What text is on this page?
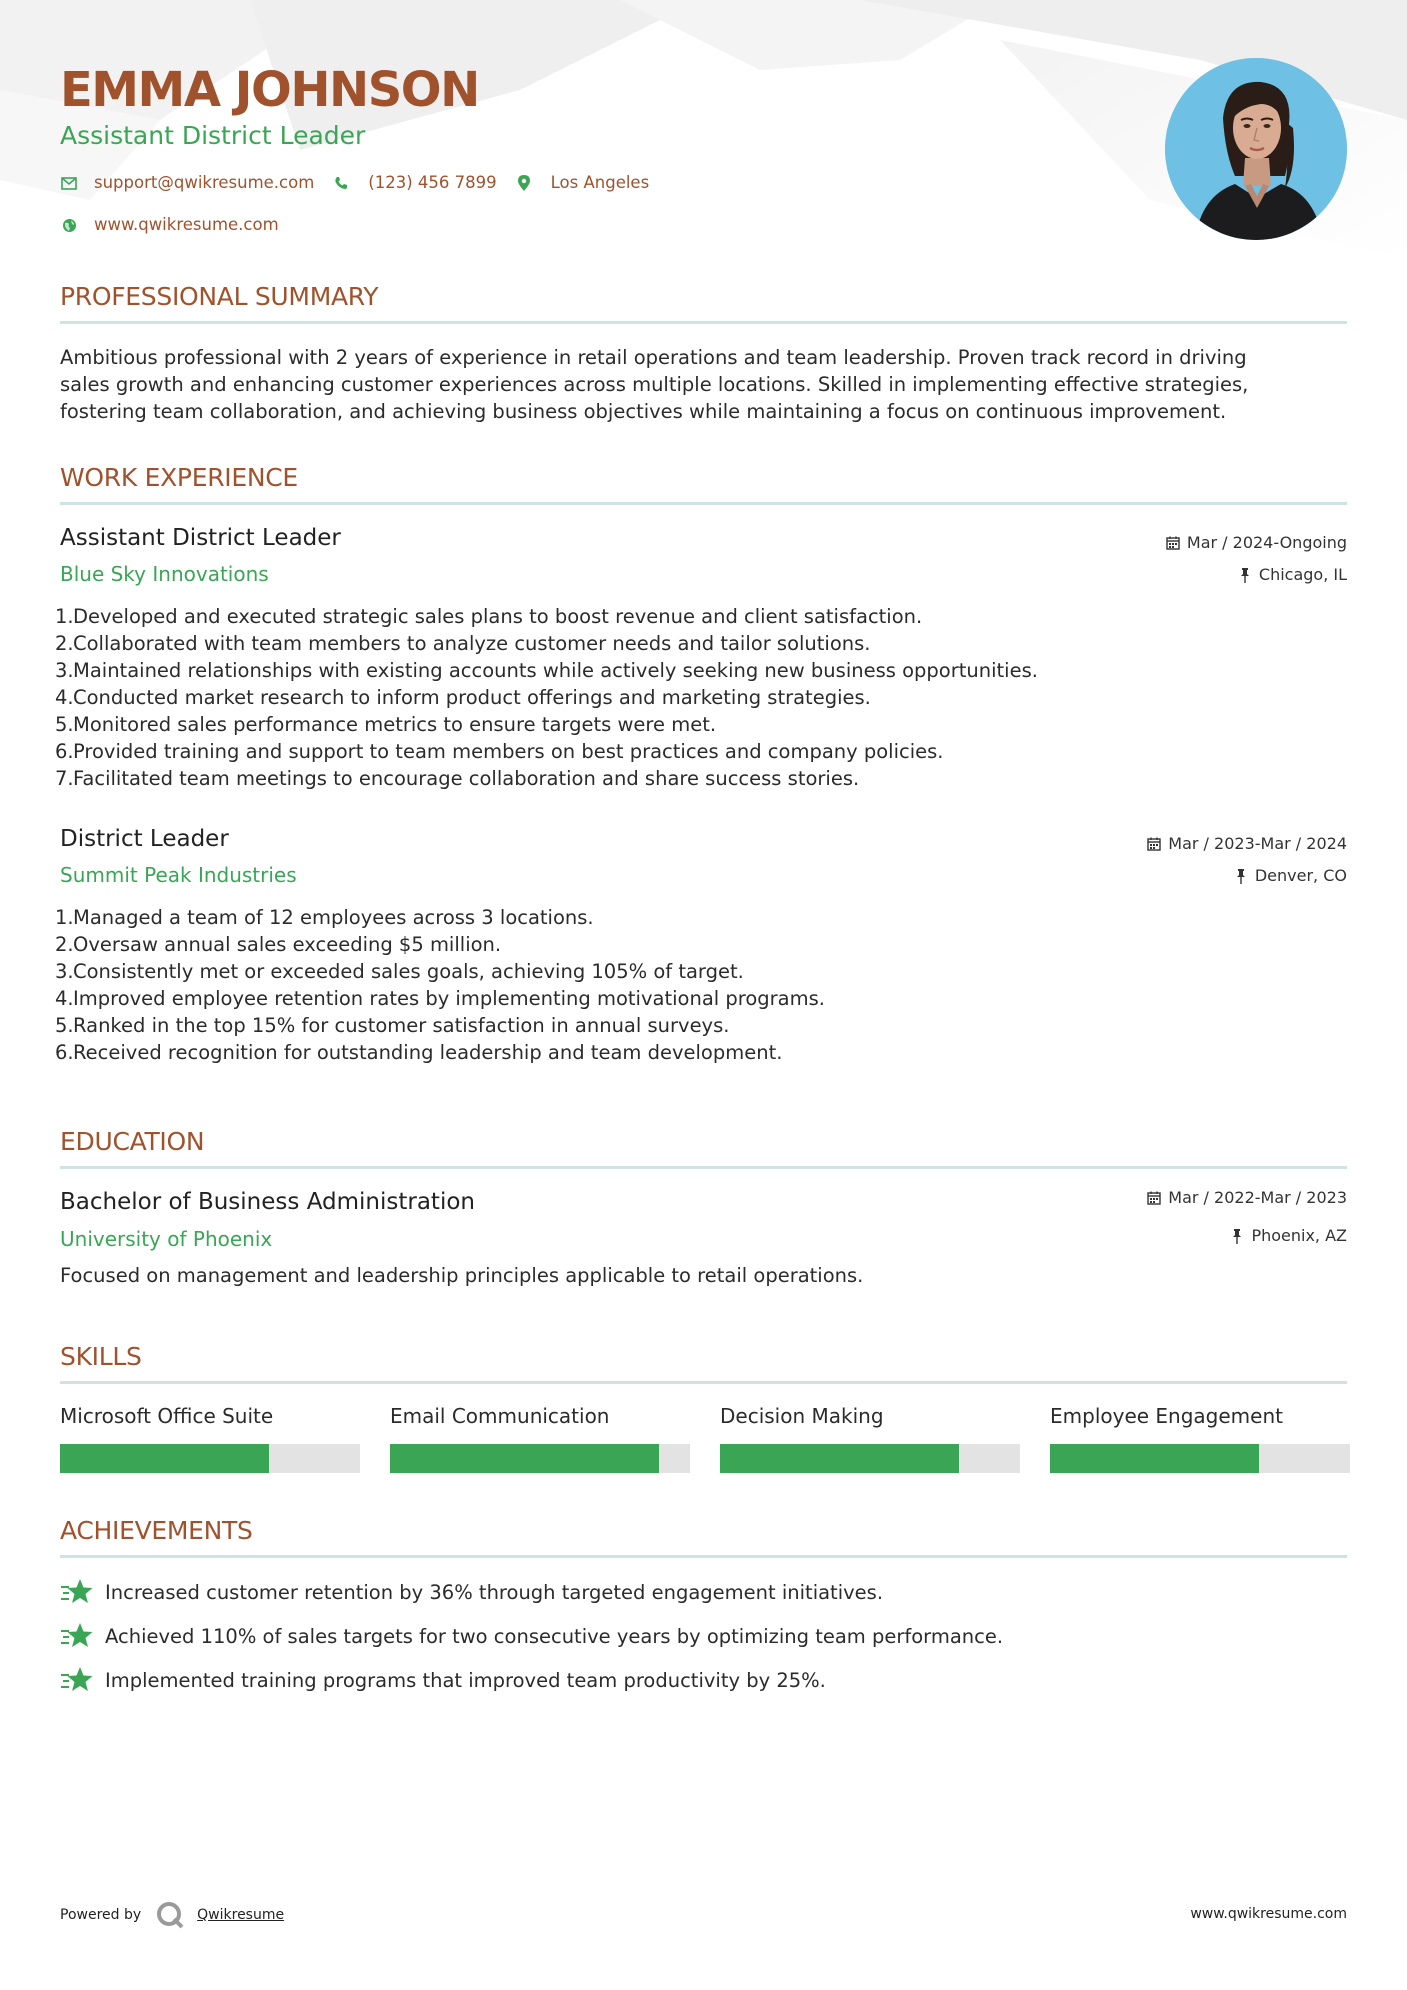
EMMA JOHNSON
Assistant District Leader
support@qwikresume.com	(123) 456 7899	Los Angeles
www.qwikresume.com
PROFESSIONAL SUMMARY
Ambitious professional with 2 years of experience in retail operations and team leadership. Proven track record in driving
sales growth and enhancing customer experiences across multiple locations. Skilled in implementing effective strategies,
fostering team collaboration, and achieving business objectives while maintaining a focus on continuous improvement.
WORK EXPERIENCE
Assistant District Leader
Blue Sky Innovations
Mar / 2024-Ongoing
Chicago, IL
1.Developed and executed strategic sales plans to boost revenue and client satisfaction.
2.Collaborated with team members to analyze customer needs and tailor solutions.
3.Maintained relationships with existing accounts while actively seeking new business opportunities.
4.Conducted market research to inform product offerings and marketing strategies.
5.Monitored sales performance metrics to ensure targets were met.
6.Provided training and support to team members on best practices and company policies.
7.Facilitated team meetings to encourage collaboration and share success stories.
District Leader
Summit Peak Industries
Mar / 2023-Mar / 2024
Denver, CO
1.Managed a team of 12 employees across 3 locations.
2.Oversaw annual sales exceeding $5 million.
3.Consistently met or exceeded sales goals, achieving 105% of target.
4.Improved employee retention rates by implementing motivational programs.
5.Ranked in the top 15% for customer satisfaction in annual surveys.
6.Received recognition for outstanding leadership and team development.
EDUCATION
Bachelor of Business Administration
University of Phoenix
Mar / 2022-Mar / 2023
Phoenix, AZ
Focused on management and leadership principles applicable to retail operations.
SKILLS
Microsoft Office Suite	Email Communication	Decision Making	Employee Engagement
ACHIEVEMENTS
Increased customer retention by 36% through targeted engagement initiatives.
Achieved 110% of sales targets for two consecutive years by optimizing team performance.
Implemented training programs that improved team productivity by 25%.
Powered by	Qwikresume	www.qwikresume.com
